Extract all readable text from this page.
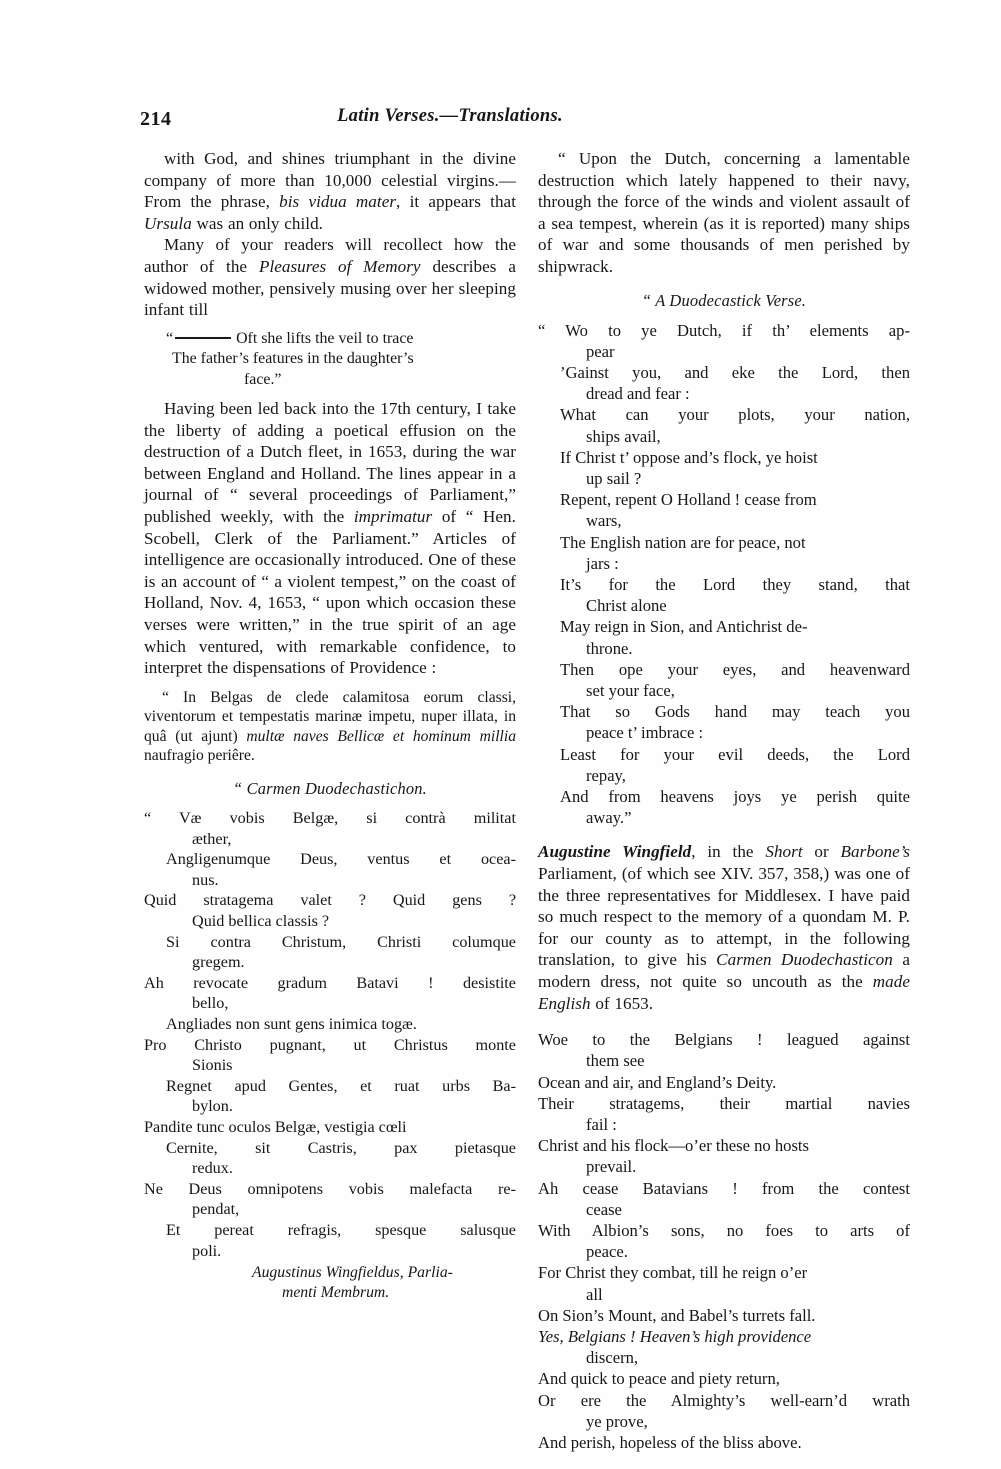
214	Latin Verses.—Translations.

with God, and shines triumphant in the divine company of more than 10,000 celestial virgins.—From the phrase, bis vidua mater, it appears that Ursula was an only child.

Many of your readers will recollect how the author of the Pleasures of Memory describes a widowed mother, pensively musing over her sleeping infant till

“	Oft she lifts the veil to trace
The father’s features in the daughter’s
face.”

Having been led back into the 17th century, I take the liberty of adding a poetical effusion on the destruction of a Dutch fleet, in 1653, during the war between England and Holland. The lines appear in a journal of “ several proceedings of Parliament,” published weekly, with the imprimatur of “ Hen. Scobell, Clerk of the Parliament.” Articles of intelligence are occasionally introduced. One of these is an account of “ a violent tempest,” on the coast of Holland, Nov. 4, 1653, “ upon which occasion these verses were written,” in the true spirit of an age which ventured, with remarkable confidence, to interpret the dispensations of Providence :

“ In Belgas de clede calamitosa eorum classi, viventorum et tempestatis marinæ impetu, nuper illata, in quâ (ut ajunt) multæ naves Bellicæ et hominum millia naufragio periêre.

“ Carmen Duodechastichon.
“ Væ vobis Belgæ, si contrà militat
æther,
Angligenumque Deus, ventus et ocea-
nus.
Quid stratagema valet ? Quid gens ?
Quid bellica classis ?
Si contra Christum, Christi columque
gregem.
Ah revocate gradum Batavi ! desistite
bello,
Angliades non sunt gens inimica togæ.
Pro Christo pugnant, ut Christus monte
Sionis
Regnet apud Gentes, et ruat urbs Ba-
bylon.
Pandite tunc oculos Belgæ, vestigia cœli
Cernite, sit Castris, pax pietasque
redux.
Ne Deus omnipotens vobis malefacta re-
pendat,
Et pereat refragis, spesque salusque
poli.
Augustinus Wingfieldus, Parlia-
menti Membrum.

“ Upon the Dutch, concerning a lamentable destruction which lately happened to their navy, through the force of the winds and violent assault of a sea tempest, wherein (as it is reported) many ships of war and some thousands of men perished by shipwrack.

“ A Duodecastick Verse.
“ Wo to ye Dutch, if th’ elements ap-
pear
’Gainst you, and eke the Lord, then
dread and fear :
What can your plots, your nation,
ships avail,
If Christ t’ oppose and’s flock, ye hoist
up sail ?
Repent, repent O Holland ! cease from
wars,
The English nation are for peace, not
jars :
It’s for the Lord they stand, that
Christ alone
May reign in Sion, and Antichrist de-
throne.
Then ope your eyes, and heavenward
set your face,
That so Gods hand may teach you
peace t’ imbrace :
Least for your evil deeds, the Lord
repay,
And from heavens joys ye perish quite
away.”

Augustine Wingfield, in the Short or Barbone’s Parliament, (of which see XIV. 357, 358,) was one of the three representatives for Middlesex. I have paid so much respect to the memory of a quondam M. P. for our county as to attempt, in the following translation, to give his Carmen Duodechasticon a modern dress, not quite so uncouth as the made English of 1653.

Woe to the Belgians ! leagued against
them see
Ocean and air, and England’s Deity.
Their stratagems, their martial navies
fail :
Christ and his flock—o’er these no hosts
prevail.
Ah cease Batavians ! from the contest
cease
With Albion’s sons, no foes to arts of
peace.
For Christ they combat, till he reign o’er
all
On Sion’s Mount, and Babel’s turrets fall.
Yes, Belgians ! Heaven’s high providence
discern,
And quick to peace and piety return,
Or ere the Almighty’s well-earn’d wrath
ye prove,
And perish, hopeless of the bliss above.
